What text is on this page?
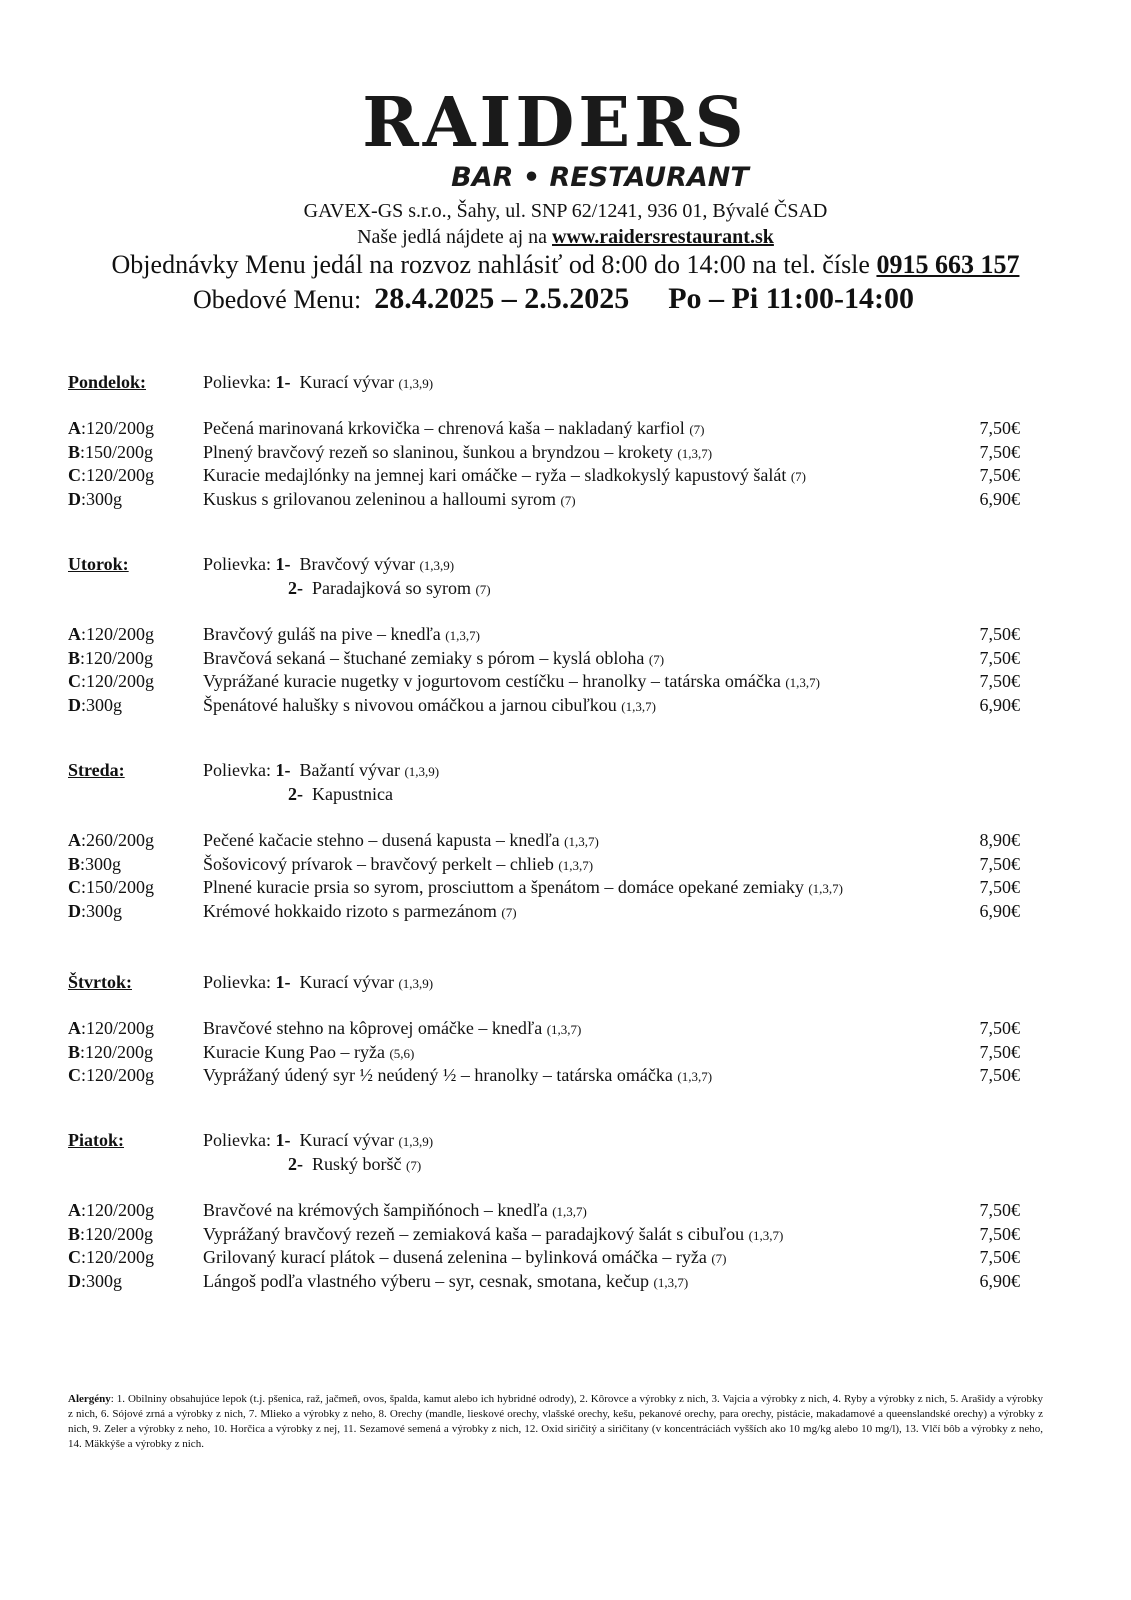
RAIDERS
BAR • RESTAURANT
GAVEX-GS s.r.o., Šahy, ul. SNP 62/1241, 936 01, Bývalé ČSAD
Naše jedlá nájdete aj na www.raidersrestaurant.sk
Objednávky Menu jedál na rozvoz nahlásiť od 8:00 do 14:00 na tel. čísle 0915 663 157
Obedové Menu: 28.4.2025 – 2.5.2025 Po – Pi 11:00-14:00
Pondelok:	Polievka: 1- Kurací vývar (1,3,9)
A:120/200g	Pečená marinovaná krkovička – chrenová kaša – nakladaný karfiol (7)	7,50€
B:150/200g	Plnený bravčový rezeň so slaninou, šunkou a bryndzou – krokety (1,3,7)	7,50€
C:120/200g	Kuracie medajlónky na jemnej kari omáčke – ryža – sladkokyslý kapustový šalát (7)	7,50€
D:300g	Kuskus s grilovanou zeleninou a halloumi syrom (7)	6,90€
Utorok:	Polievka: 1- Bravčový vývar (1,3,9)
2- Paradajková so syrom (7)
A:120/200g	Bravčový guláš na pive – knedľa (1,3,7)	7,50€
B:120/200g	Bravčová sekaná – štuchané zemiaky s pórom – kyslá obloha (7)	7,50€
C:120/200g	Vyprážané kuracie nugetky v jogurtovom cestíčku – hranolky – tatárska omáčka (1,3,7)	7,50€
D:300g	Špenátové halušky s nivovou omáčkou a jarnou cibuľkou (1,3,7)	6,90€
Streda:	Polievka: 1- Bažantí vývar (1,3,9)
2- Kapustnica
A:260/200g	Pečené kačacie stehno – dusená kapusta – knedľa (1,3,7)	8,90€
B:300g	Šošovicový prívarok – bravčový perkelt – chlieb (1,3,7)	7,50€
C:150/200g	Plnené kuracie prsia so syrom, prosciuttom a špenátom – domáce opekané zemiaky (1,3,7)	7,50€
D:300g	Krémové hokkaido rizoto s parmezánom (7)	6,90€
Štvrtok:	Polievka: 1- Kurací vývar (1,3,9)
A:120/200g	Bravčové stehno na kôprovej omáčke – knedľa (1,3,7)	7,50€
B:120/200g	Kuracie Kung Pao – ryža (5,6)	7,50€
C:120/200g	Vyprážaný údený syr ½ neúdený ½ – hranolky – tatárska omáčka (1,3,7)	7,50€
Piatok:	Polievka: 1- Kurací vývar (1,3,9)
2- Ruský boršč (7)
A:120/200g	Bravčové na krémových šampiňónoch – knedľa (1,3,7)	7,50€
B:120/200g	Vyprážaný bravčový rezeň – zemiaková kaša – paradajkový šalát s cibuľou (1,3,7)	7,50€
C:120/200g	Grilovaný kurací plátok – dusená zelenina – bylinková omáčka – ryža (7)	7,50€
D:300g	Lángoš podľa vlastného výberu – syr, cesnak, smotana, kečup (1,3,7)	6,90€
Alergény: 1. Obilniny obsahujúce lepok (t.j. pšenica, raž, jačmeň, ovos, špalda, kamut alebo ich hybridné odrody), 2. Kôrovce a výrobky z nich, 3. Vajcia a výrobky z nich, 4. Ryby a výrobky z nich, 5. Arašidy a výrobky z nich, 6. Sójové zrná a výrobky z nich, 7. Mlieko a výrobky z neho, 8. Orechy (mandle, lieskové orechy, vlašské orechy, kešu, pekanové orechy, para orechy, pistácie, makadamové a queenslandské orechy) a výrobky z nich, 9. Zeler a výrobky z neho, 10. Horčica a výrobky z nej, 11. Sezamové semená a výrobky z nich, 12. Oxid siričitý a siričitany (v koncentráciách vyšších ako 10 mg/kg alebo 10 mg/l), 13. Vlčí bôb a výrobky z neho, 14. Mäkkýše a výrobky z nich.
